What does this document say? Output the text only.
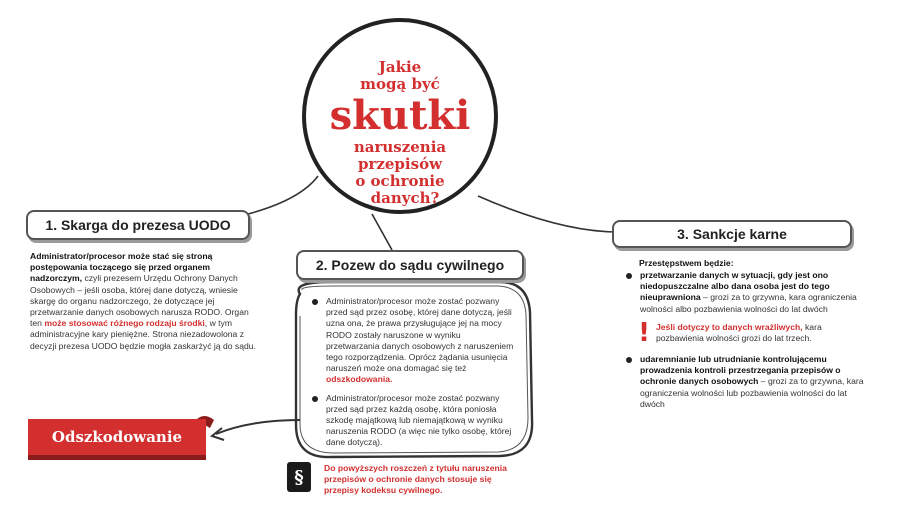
Jakie
mogą być
skutki
naruszenia
przepisów
o ochronie
danych?
1. Skarga do prezesa UODO
Administrator/procesor może stać się stroną postępowania toczącego się przed organem nadzorczym, czyli prezesem Urzędu Ochrony Danych Osobowych – jeśli osoba, której dane dotyczą, wniesie skargę do organu nadzorczego, że dotyczące jej przetwarzanie danych osobowych narusza RODO. Organ ten może stosować różnego rodzaju środki, w tym administracyjne kary pieniężne. Strona niezadowolona z decyzji prezesa UODO będzie mogła zaskarżyć ją do sądu.
2. Pozew do sądu cywilnego
Administrator/procesor może zostać pozwany przed sąd przez osobę, której dane dotyczą, jeśli uzna ona, że prawa przysługujące jej na mocy RODO zostały naruszone w wyniku przetwarzania danych osobowych z naruszeniem tego rozporządzenia. Oprócz żądania usunięcia naruszeń może ona domagać się też odszkodowania.
Administrator/procesor może zostać pozwany przed sąd przez każdą osobę, która poniosła szkodę majątkową lub niemajątkową w wyniku naruszenia RODO (a więc nie tylko osobę, której dane dotyczą).
§	Do powyższych roszczeń z tytułu naruszenia przepisów o ochronie danych stosuje się przepisy kodeksu cywilnego.
3. Sankcje karne
Przestępstwem będzie:
przetwarzanie danych w sytuacji, gdy jest ono niedopuszczalne albo dana osoba jest do tego nieuprawniona – grozi za to grzywna, kara ograniczenia wolności albo pozbawienia wolności do lat dwóch
! Jeśli dotyczy to danych wrażliwych, kara pozbawienia wolności grozi do lat trzech.
udaremnianie lub utrudnianie kontrolującemu prowadzenia kontroli przestrzegania przepisów o ochronie danych osobowych – grozi za to grzywna, kara ograniczenia wolności lub pozbawienia wolności do lat dwóch
Odszkodowanie
